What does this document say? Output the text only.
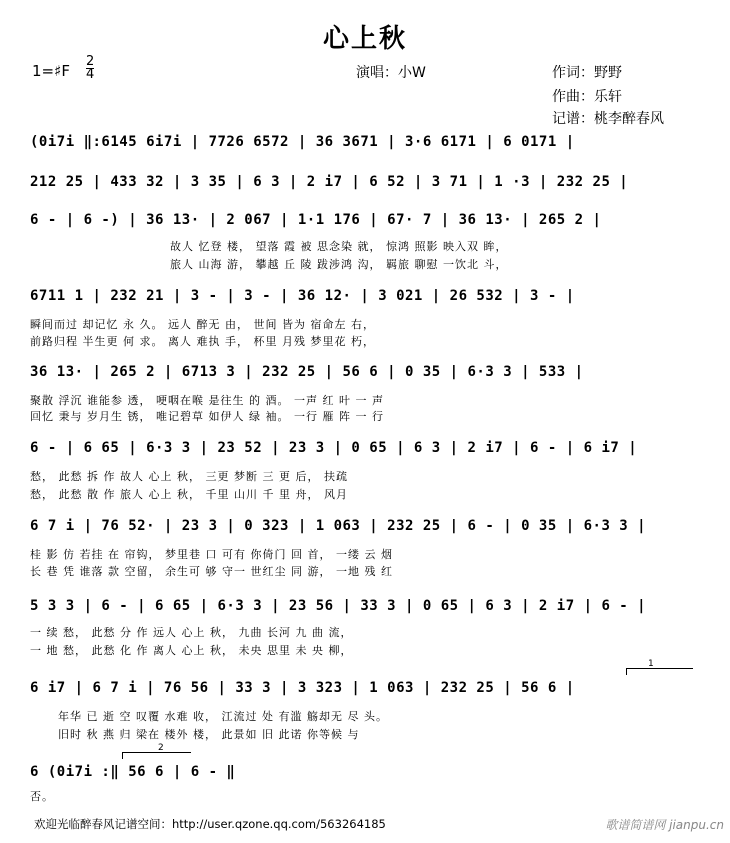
心上秋
1=♯F
2
4	演唱：小W	作词：野野
作曲：乐轩
记谱：桃李醉春风
(0i7i ‖:6145 6i7i | 7726 6572 | 36 3671 | 3·6 6171 | 6 0171 |
212 25 | 433 32 | 3 35 | 6 3 | 2 i7 | 6 52 | 3 71 | 1 ·3 | 232 25 |
6 - | 6 -) | 36 13· | 2 067 | 1·1 176 | 67· 7 | 36 13· | 265 2 |
故人 忆登 楼， 望落 霞 被 思念染 就， 惊鸿 照影 映入双 眸，
旅人 山海 游， 攀越 丘 陵 跋涉鸿 沟， 羁旅 聊慰 一饮北 斗，
6711 1 | 232 21 | 3 - | 3 - | 36 12· | 3 021 | 26 532 | 3 - |
瞬间而过 却记忆 永 久。 远人 醉无 由， 世间 皆为 宿命左 右，
前路归程 半生更 何 求。 离人 难执 手， 杯里 月残 梦里花 朽，
36 13· | 265 2 | 6713 3 | 232 25 | 56 6 | 0 35 | 6·3 3 | 533 |
聚散 浮沉 谁能参 透， 哽咽在喉 是往生 的 酒。 一声 红 叶 一 声
回忆 秉与 岁月生 锈， 唯记碧草 如伊人 绿 袖。 一行 雁 阵 一 行
6 - | 6 65 | 6·3 3 | 23 52 | 23 3 | 0 65 | 6 3 | 2 i7 | 6 - | 6 i7 |
愁， 此愁 拆 作 故人 心上 秋， 三更 梦断 三 更 后， 扶疏
愁， 此愁 散 作 旅人 心上 秋， 千里 山川 千 里 舟， 风月
6 7 i | 76 52· | 23 3 | 0 323 | 1 063 | 232 25 | 6 - | 0 35 | 6·3 3 |
桂 影 仿 若挂 在 帘钩， 梦里巷 口 可有 你倚门 回 首， 一缕 云 烟
长 巷 凭 谁落 款 空留， 余生可 够 守一 世红尘 同 游， 一地 残 红
5 3 3 | 6 - | 6 65 | 6·3 3 | 23 56 | 33 3 | 0 65 | 6 3 | 2 i7 | 6 - |
一 续 愁， 此愁 分 作 远人 心上 秋， 九曲 长河 九 曲 流，
一 地 愁， 此愁 化 作 离人 心上 秋， 未央 思里 未 央 柳，
1
6 i7 | 6 7 i | 76 56 | 33 3 | 3 323 | 1 063 | 232 25 | 56 6 |
年华 已 逝 空 叹覆 水难 收， 江流过 处 有滥 觞却无 尽 头。
旧时 秋 燕 归 梁在 楼外 楼， 此景如 旧 此诺 你等候 与
2
6 (0i7i :‖ 56 6 | 6 - ‖
否。
欢迎光临醉春风记谱空间：http://user.qzone.qq.com/563264185	歌谱简谱网 jianpu.cn
